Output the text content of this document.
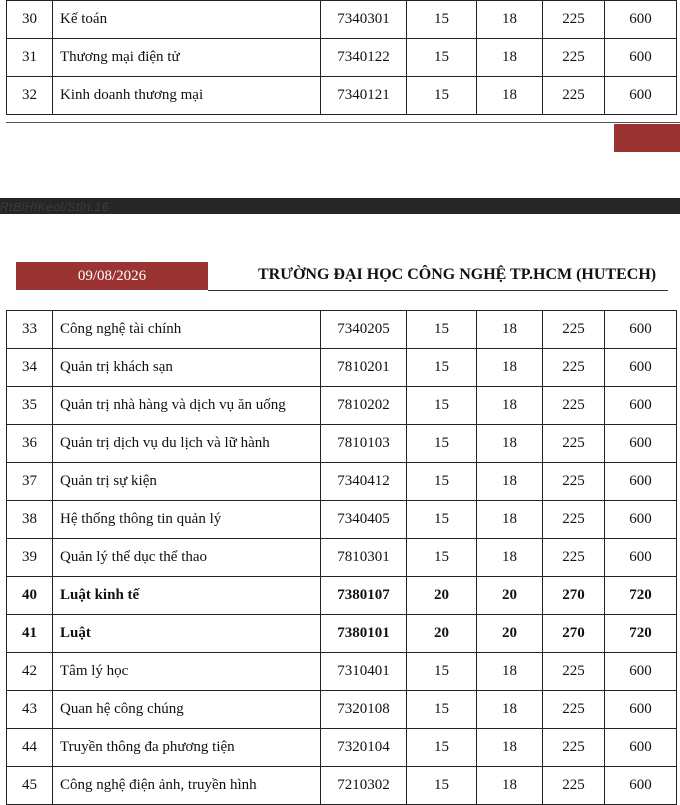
30	Kế toán	7340301	15	18	225	600
31	Thương mại điện tử	7340122	15	18	225	600
32	Kinh doanh thương mại	7340121	15	18	225	600
RtBiHtKeol/Stlrl.16
09/08/2026	TRƯỜNG ĐẠI HỌC CÔNG NGHỆ TP.HCM (HUTECH)
33	Công nghệ tài chính	7340205	15	18	225	600
34	Quản trị khách sạn	7810201	15	18	225	600
35	Quản trị nhà hàng và dịch vụ ăn uống	7810202	15	18	225	600
36	Quản trị dịch vụ du lịch và lữ hành	7810103	15	18	225	600
37	Quản trị sự kiện	7340412	15	18	225	600
38	Hệ thống thông tin quản lý	7340405	15	18	225	600
39	Quản lý thể dục thể thao	7810301	15	18	225	600
40	Luật kinh tế	7380107	20	20	270	720
41	Luật	7380101	20	20	270	720
42	Tâm lý học	7310401	15	18	225	600
43	Quan hệ công chúng	7320108	15	18	225	600
44	Truyền thông đa phương tiện	7320104	15	18	225	600
45	Công nghệ điện ảnh, truyền hình	7210302	15	18	225	600
